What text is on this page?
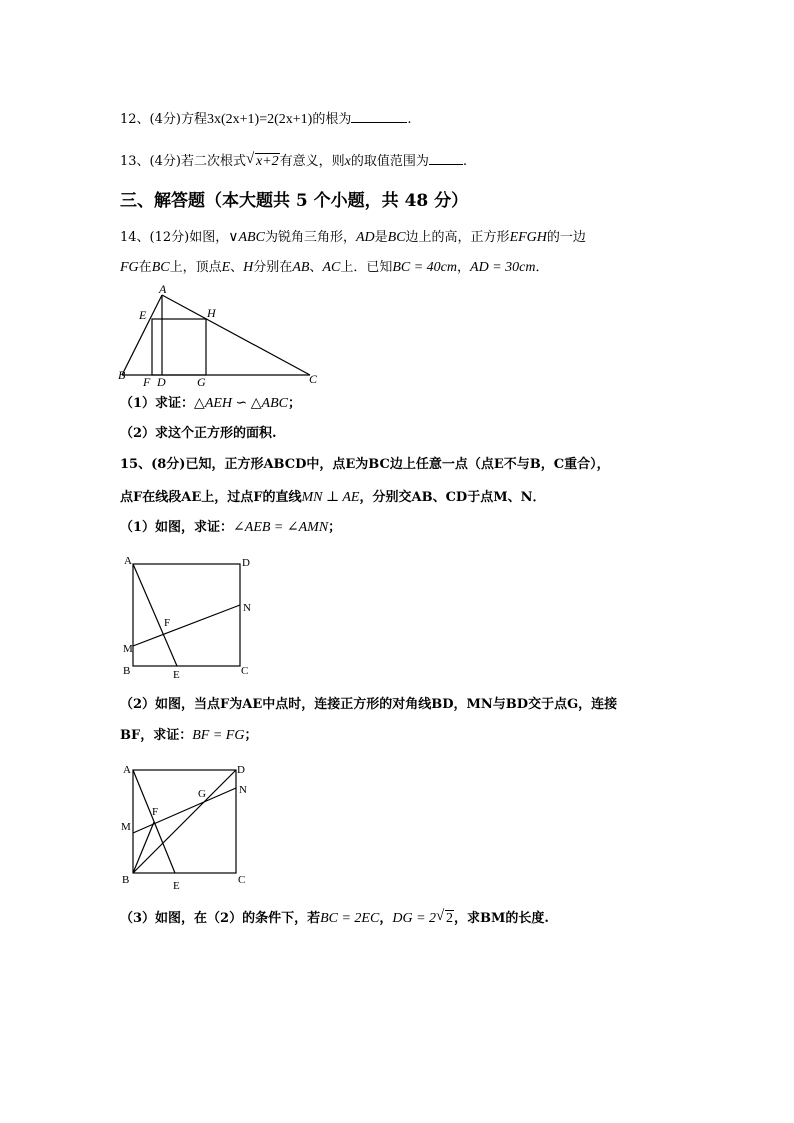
12、(4分)方程3x(2x+1)=2(2x+1)的根为	.
13、(4分)若二次根式 √ x+2有意义，则x的取值范围为	.
三、解答题（本大题共 5 个小题，共 48 分）
14、(12分)如图，∨ABC为锐角三角形，AD是BC边上的高，正方形EFGH的一边
FG在BC上，顶点E、H分别在AB、AC上．已知BC = 40cm，AD = 30cm．
A
E	H
B F D	G	C
（1）求证：△AEH ∽ △ABC；
（2）求这个正方形的面积.
15、(8分)已知，正方形ABCD中，点E为BC边上任意一点（点E不与B，C重合），
点F在线段AE上，过点F的直线MN ⊥ AE，分别交AB、CD于点M、N．
（1）如图，求证：∠AEB = ∠AMN；
A	D
N
F
M
B	E	C
（2）如图，当点F为AE中点时，连接正方形的对角线BD，MN与BD交于点G，连接
BF，求证：BF = FG；
A	D
N
G
F
M
B	E	C
（3）如图，在（2）的条件下，若BC = 2EC，DG = 2 √ 2，求BM的长度.
